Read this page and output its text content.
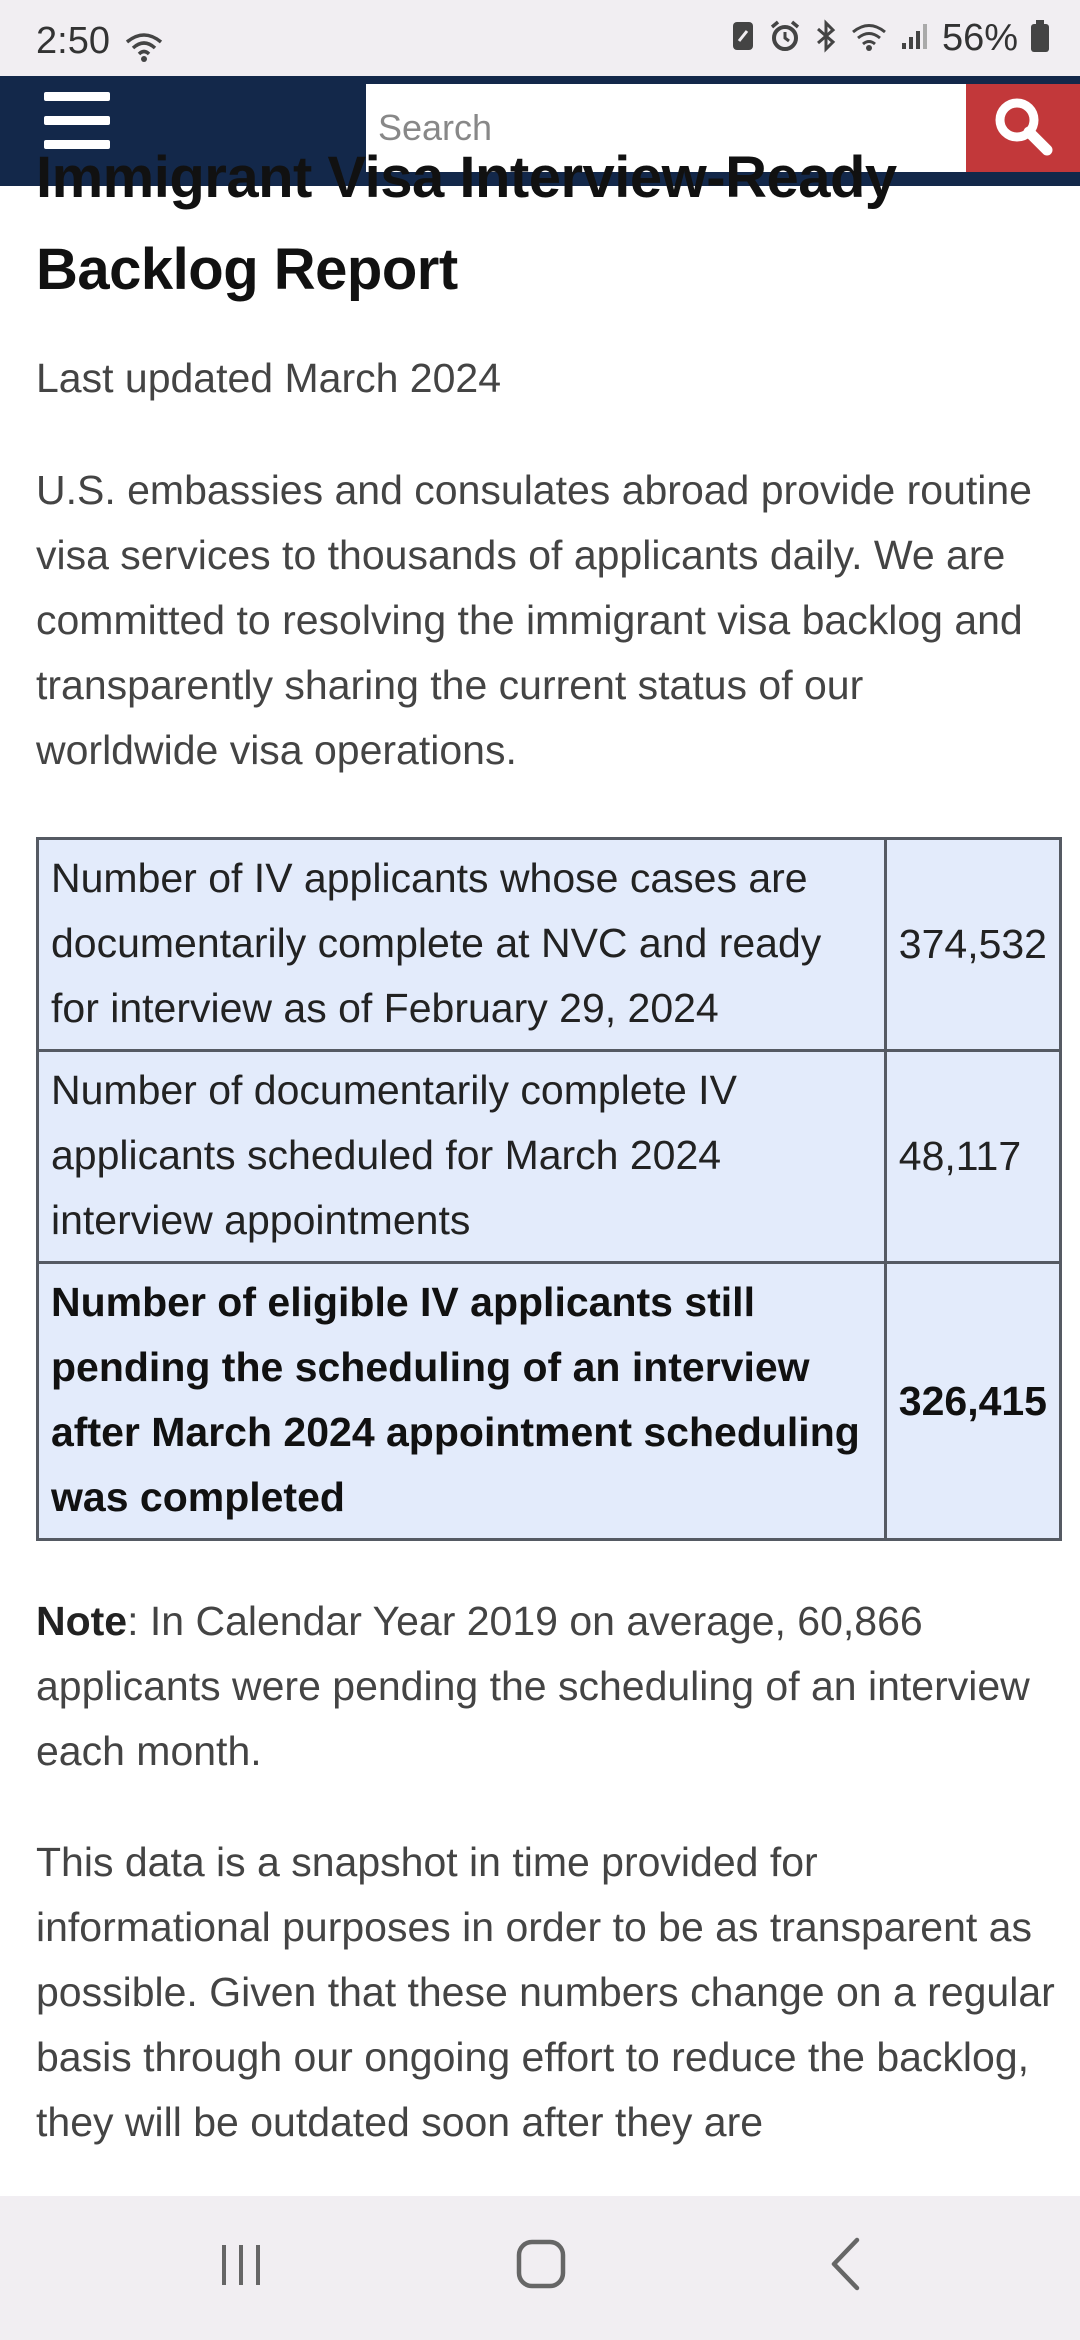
2:50	56%
Search
Immigrant Visa Interview-Ready
Backlog Report

Last updated March 2024

U.S. embassies and consulates abroad provide routine visa services to thousands of applicants daily. We are committed to resolving the immigrant visa backlog and transparently sharing the current status of our worldwide visa operations.

Number of IV applicants whose cases are documentarily complete at NVC and ready for interview as of February 29, 2024	374,532
Number of documentarily complete IV applicants scheduled for March 2024 interview appointments	48,117
Number of eligible IV applicants still pending the scheduling of an interview after March 2024 appointment scheduling was completed	326,415

Note: In Calendar Year 2019 on average, 60,866 applicants were pending the scheduling of an interview each month.

This data is a snapshot in time provided for informational purposes in order to be as transparent as possible. Given that these numbers change on a regular basis through our ongoing effort to reduce the backlog, they will be outdated soon after they are
